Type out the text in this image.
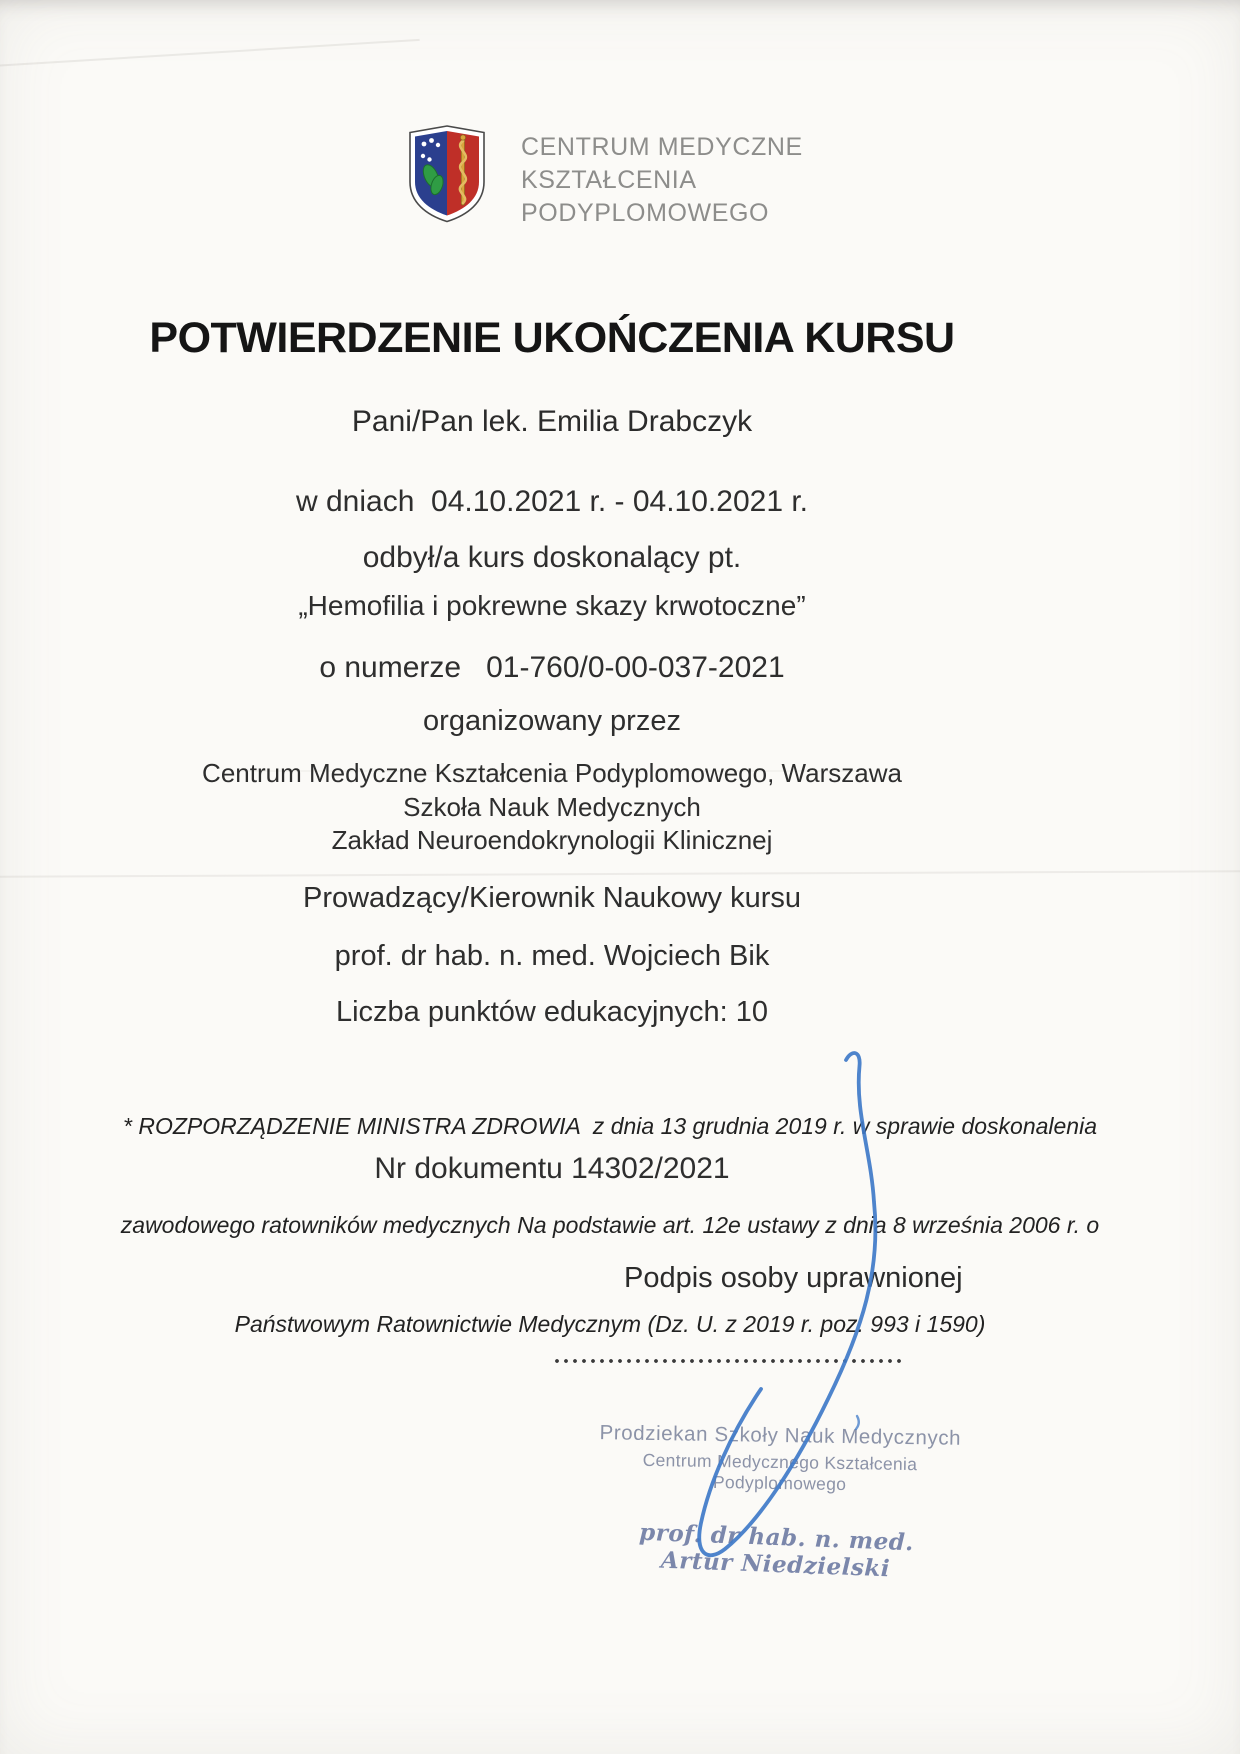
CENTRUM MEDYCZNE
KSZTAŁCENIA
PODYPLOMOWEGO
POTWIERDZENIE UKOŃCZENIA KURSU
Pani/Pan lek. Emilia Drabczyk
w dniach  04.10.2021 r. - 04.10.2021 r.
odbył/a kurs doskonalący pt.
„Hemofilia i pokrewne skazy krwotoczne”
o numerze   01-760/0-00-037-2021
organizowany przez
Centrum Medyczne Kształcenia Podyplomowego, Warszawa
Szkoła Nauk Medycznych
Zakład Neuroendokrynologii Klinicznej
Prowadzący/Kierownik Naukowy kursu
prof. dr hab. n. med. Wojciech Bik
Liczba punktów edukacyjnych: 10

* ROZPORZĄDZENIE MINISTRA ZDROWIA  z dnia 13 grudnia 2019 r. w sprawie doskonalenia

zawodowego ratowników medycznych Na podstawie art. 12e ustawy z dnia 8 września 2006 r. o

Państwowym Ratownictwie Medycznym (Dz. U. z 2019 r. poz. 993 i 1590)

Nr dokumentu 14302/2021
Podpis osoby uprawnionej
Prodziekan Szkoły Nauk Medycznych
Centrum Medycznego Kształcenia Podyplomowego
prof. dr hab. n. med. Artur Niedzielski
